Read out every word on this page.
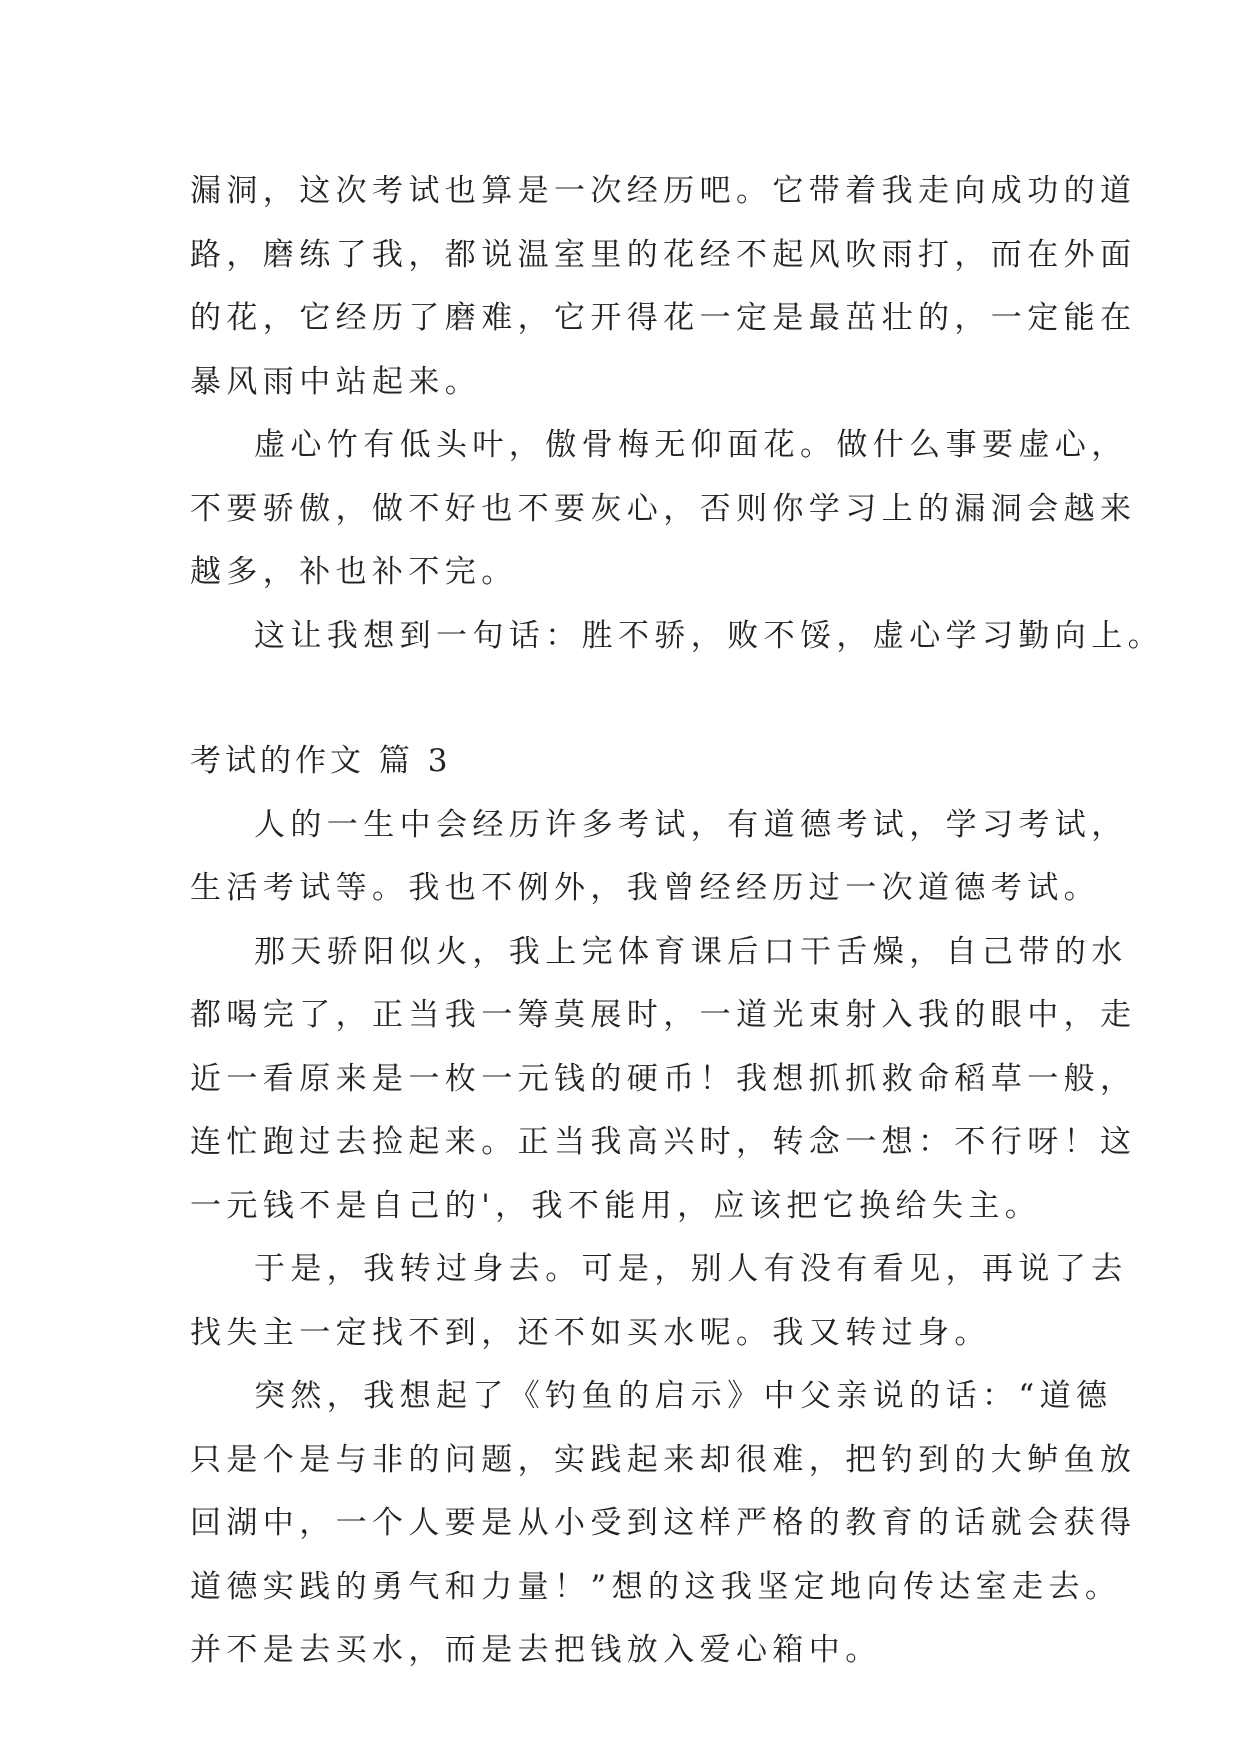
漏洞，这次考试也算是一次经历吧。它带着我走向成功的道
路，磨练了我，都说温室里的花经不起风吹雨打，而在外面
的花，它经历了磨难，它开得花一定是最茁壮的，一定能在
暴风雨中站起来。
虚心竹有低头叶，傲骨梅无仰面花。做什么事要虚心，
不要骄傲，做不好也不要灰心，否则你学习上的漏洞会越来
越多，补也补不完。
这让我想到一句话：胜不骄，败不馁，虚心学习勤向上。
考试的作文 篇 3
人的一生中会经历许多考试，有道德考试，学习考试，
生活考试等。我也不例外，我曾经经历过一次道德考试。
那天骄阳似火，我上完体育课后口干舌燥，自己带的水
都喝完了，正当我一筹莫展时，一道光束射入我的眼中，走
近一看原来是一枚一元钱的硬币！我想抓抓救命稻草一般，
连忙跑过去捡起来。正当我高兴时，转念一想：不行呀！这
一元钱不是自己的'，我不能用，应该把它换给失主。
于是，我转过身去。可是，别人有没有看见，再说了去
找失主一定找不到，还不如买水呢。我又转过身。
突然，我想起了《钓鱼的启示》中父亲说的话：“道德
只是个是与非的问题，实践起来却很难，把钓到的大鲈鱼放
回湖中，一个人要是从小受到这样严格的教育的话就会获得
道德实践的勇气和力量！”想的这我坚定地向传达室走去。
并不是去买水，而是去把钱放入爱心箱中。
